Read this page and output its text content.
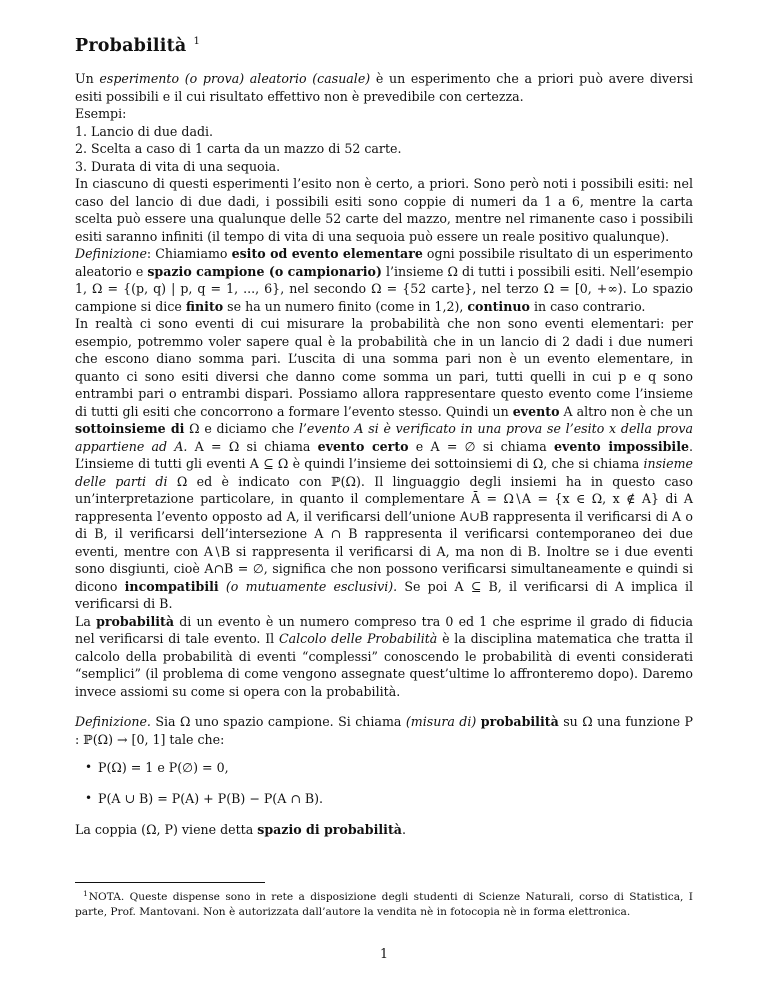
Probabilità $^1$

Un esperimento (o prova) aleatorio (casuale) è un esperimento che a priori può avere diversi esiti possibili e il cui risultato effettivo non è prevedibile con certezza.

Esempi:

1. Lancio di due dadi.

2. Scelta a caso di 1 carta da un mazzo di 52 carte.

3. Durata di vita di una sequoia.

In ciascuno di questi esperimenti l’esito non è certo, a priori. Sono però noti i possibili esiti: nel caso del lancio di due dadi, i possibili esiti sono coppie di numeri da 1 a 6, mentre la carta scelta può essere una qualunque delle 52 carte del mazzo, mentre nel rimanente caso i possibili esiti saranno infiniti (il tempo di vita di una sequoia può essere un reale positivo qualunque).

Definizione: Chiamiamo esito od evento elementare ogni possibile risultato di un esperimento aleatorio e spazio campione (o campionario) l’insieme Ω di tutti i possibili esiti. Nell’esempio 1, Ω = {(p, q) | p, q = 1, ..., 6}, nel secondo Ω = {52 carte}, nel terzo Ω = [0, +∞). Lo spazio campione si dice finito se ha un numero finito (come in 1,2), continuo in caso contrario.

In realtà ci sono eventi di cui misurare la probabilità che non sono eventi elementari: per esempio, potremmo voler sapere qual è la probabilità che in un lancio di 2 dadi i due numeri che escono diano somma pari. L’uscita di una somma pari non è un evento elementare, in quanto ci sono esiti diversi che danno come somma un pari, tutti quelli in cui p e q sono entrambi pari o entrambi dispari. Possiamo allora rappresentare questo evento come l’insieme di tutti gli esiti che concorrono a formare l’evento stesso. Quindi un evento A altro non è che un sottoinsieme di Ω e diciamo che l’evento A si è verificato in una prova se l’esito x della prova appartiene ad A. A = Ω si chiama evento certo e A = ∅ si chiama evento impossibile. L’insieme di tutti gli eventi A ⊆ Ω è quindi l’insieme dei sottoinsiemi di Ω, che si chiama insieme delle parti di Ω ed è indicato con ℙ(Ω). Il linguaggio degli insiemi ha in questo caso un’interpretazione particolare, in quanto il complementare Ā = Ω∖A = {x ∈ Ω, x ∉ A} di A rappresenta l’evento opposto ad A, il verificarsi dell’unione A∪B rappresenta il verificarsi di A o di B, il verificarsi dell’intersezione A ∩ B rappresenta il verificarsi contemporaneo dei due eventi, mentre con A∖B si rappresenta il verificarsi di A, ma non di B. Inoltre se i due eventi sono disgiunti, cioè A∩B = ∅, significa che non possono verificarsi simultaneamente e quindi si dicono incompatibili (o mutuamente esclusivi). Se poi A ⊆ B, il verificarsi di A implica il verificarsi di B.

La probabilità di un evento è un numero compreso tra 0 ed 1 che esprime il grado di fiducia nel verificarsi di tale evento. Il Calcolo delle Probabilità è la disciplina matematica che tratta il calcolo della probabilità di eventi “complessi” conoscendo le probabilità di eventi considerati “semplici” (il problema di come vengono assegnate quest’ultime lo affronteremo dopo). Daremo invece assiomi su come si opera con la probabilità.

Definizione. Sia Ω uno spazio campione. Si chiama (misura di) probabilità su Ω una funzione P : ℙ(Ω) → [0, 1] tale che:

• P(Ω) = 1 e P(∅) = 0,
• P(A ∪ B) = P(A) + P(B) − P(A ∩ B).

La coppia (Ω, P) viene detta spazio di probabilità.

$^1$NOTA. Queste dispense sono in rete a disposizione degli studenti di Scienze Naturali, corso di Statistica, I parte, Prof. Mantovani. Non è autorizzata dall’autore la vendita nè in fotocopia nè in forma elettronica.
1
